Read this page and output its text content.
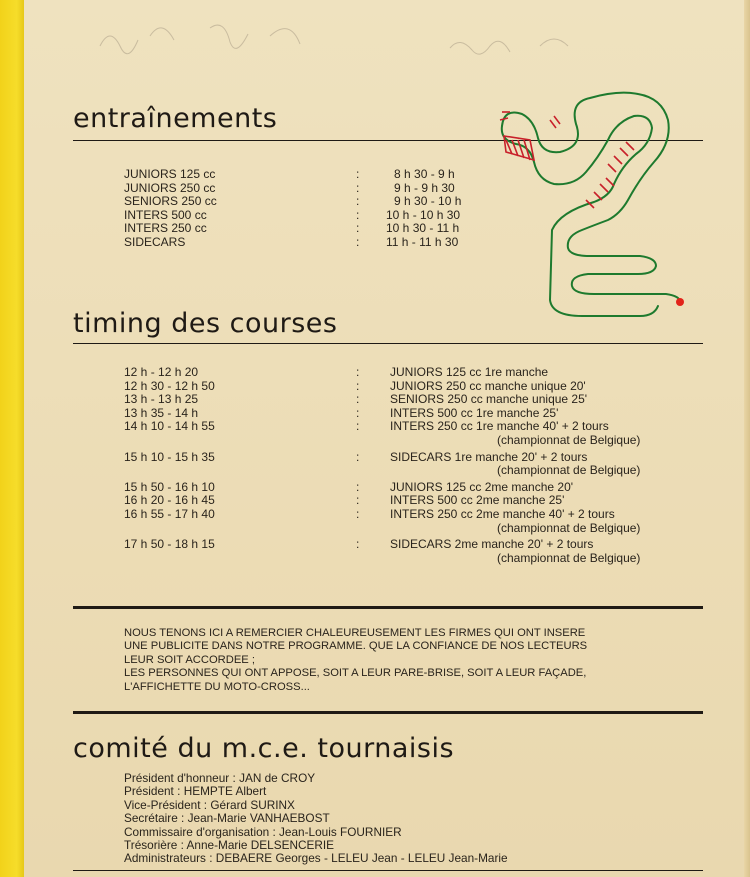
entraînements
JUNIORS 125 cc	:	8 h 30 - 9 h
JUNIORS 250 cc	:	9 h - 9 h 30
SENIORS 250 cc	:	9 h 30 - 10 h
INTERS 500 cc	: 10 h - 10 h 30
INTERS 250 cc	: 10 h 30 - 11 h
SIDECARS	: 11 h - 11 h 30
timing des courses
12 h - 12 h 20	:	JUNIORS 125 cc 1re manche
12 h 30 - 12 h 50	:	JUNIORS 250 cc manche unique 20'
13 h - 13 h 25	:	SENIORS 250 cc manche unique 25'
13 h 35 - 14 h	:	INTERS 500 cc 1re manche 25'
14 h 10 - 14 h 55	:	INTERS 250 cc 1re manche 40' + 2 tours
(championnat de Belgique)
15 h 10 - 15 h 35	:	SIDECARS 1re manche 20' + 2 tours
(championnat de Belgique)
15 h 50 - 16 h 10	:	JUNIORS 125 cc 2me manche 20'
16 h 20 - 16 h 45	:	INTERS 500 cc 2me manche 25'
16 h 55 - 17 h 40	:	INTERS 250 cc 2me manche 40' + 2 tours
(championnat de Belgique)
17 h 50 - 18 h 15	:	SIDECARS 2me manche 20' + 2 tours
(championnat de Belgique)

NOUS TENONS ICI A REMERCIER CHALEUREUSEMENT LES FIRMES QUI ONT INSERE

UNE PUBLICITE DANS NOTRE PROGRAMME. QUE LA CONFIANCE DE NOS LECTEURS

LEUR SOIT ACCORDEE ;

LES PERSONNES QUI ONT APPOSE, SOIT A LEUR PARE-BRISE, SOIT A LEUR FAÇADE,

L'AFFICHETTE DU MOTO-CROSS...

comité du m.c.e. tournaisis
Président d'honneur : JAN de CROY
Président : HEMPTE Albert
Vice-Président : Gérard SURINX
Secrétaire : Jean-Marie VANHAEBOST
Commissaire d'organisation : Jean-Louis FOURNIER
Trésorière : Anne-Marie DELSENCERIE
Administrateurs : DEBAERE Georges - LELEU Jean - LELEU Jean-Marie
